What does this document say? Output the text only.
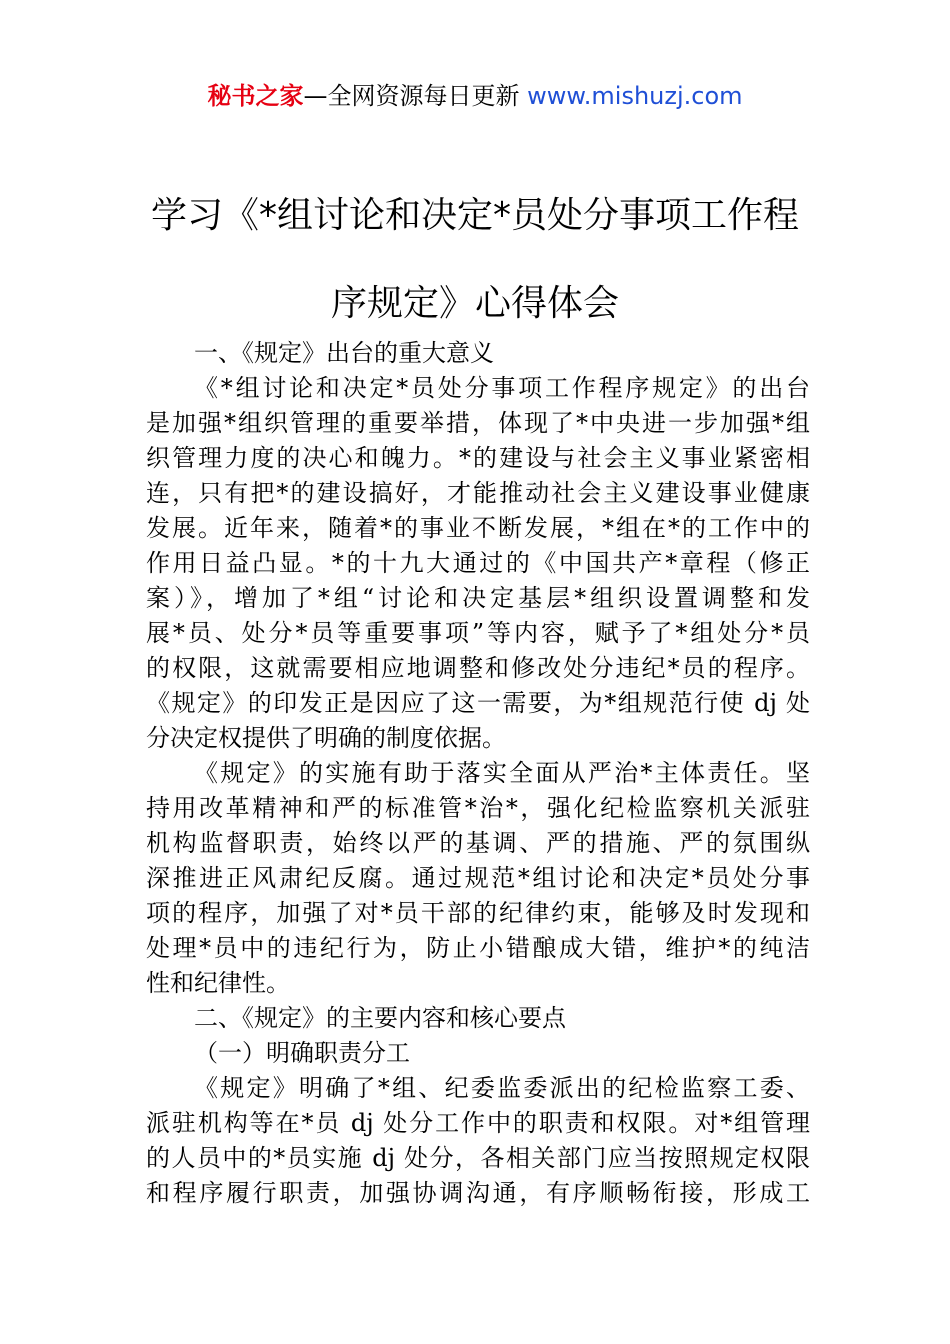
秘书之家—全网资源每日更新 www.mishuzj.com
学习《*组讨论和决定*员处分事项工作程
序规定》心得体会
一、《规定》出台的重大意义
《*组讨论和决定*员处分事项工作程序规定》的出台
是加强*组织管理的重要举措，体现了*中央进一步加强*组
织管理力度的决心和魄力。*的建设与社会主义事业紧密相
连，只有把*的建设搞好，才能推动社会主义建设事业健康
发展。近年来，随着*的事业不断发展，*组在*的工作中的
作用日益凸显。*的十九大通过的《中国共产*章程（修正
案）》，增加了*组“讨论和决定基层*组织设置调整和发
展*员、处分*员等重要事项”等内容，赋予了*组处分*员
的权限，这就需要相应地调整和修改处分违纪*员的程序。
《规定》的印发正是因应了这一需要，为*组规范行使 dj 处
分决定权提供了明确的制度依据。
《规定》的实施有助于落实全面从严治*主体责任。坚
持用改革精神和严的标准管*治*，强化纪检监察机关派驻
机构监督职责，始终以严的基调、严的措施、严的氛围纵
深推进正风肃纪反腐。通过规范*组讨论和决定*员处分事
项的程序，加强了对*员干部的纪律约束，能够及时发现和
处理*员中的违纪行为，防止小错酿成大错，维护*的纯洁
性和纪律性。
二、《规定》的主要内容和核心要点
（一）明确职责分工
《规定》明确了*组、纪委监委派出的纪检监察工委、
派驻机构等在*员 dj 处分工作中的职责和权限。对*组管理
的人员中的*员实施 dj 处分，各相关部门应当按照规定权限
和程序履行职责，加强协调沟通，有序顺畅衔接，形成工
